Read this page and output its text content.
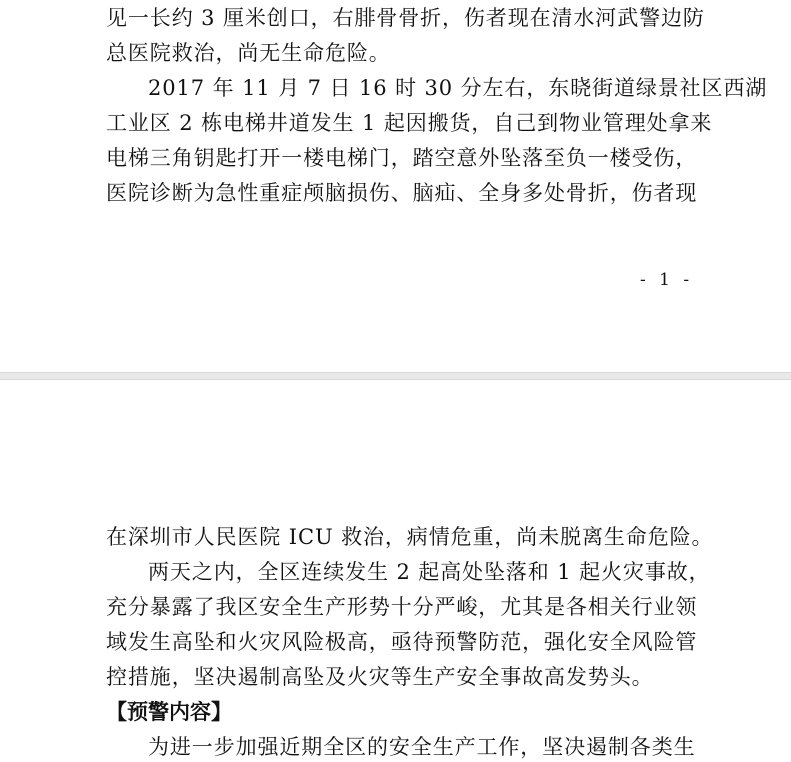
见一长约 3 厘米创口，右腓骨骨折，伤者现在清水河武警边防
总医院救治，尚无生命危险。
2017 年 11 月 7 日 16 时 30 分左右，东晓街道绿景社区西湖
工业区 2 栋电梯井道发生 1 起因搬货，自己到物业管理处拿来
电梯三角钥匙打开一楼电梯门，踏空意外坠落至负一楼受伤，
医院诊断为急性重症颅脑损伤、脑疝、全身多处骨折，伤者现
- 1 -
在深圳市人民医院 ICU 救治，病情危重，尚未脱离生命危险。
两天之内，全区连续发生 2 起高处坠落和 1 起火灾事故，
充分暴露了我区安全生产形势十分严峻，尤其是各相关行业领
域发生高坠和火灾风险极高，亟待预警防范，强化安全风险管
控措施，坚决遏制高坠及火灾等生产安全事故高发势头。
【预警内容】
为进一步加强近期全区的安全生产工作，坚决遏制各类生
